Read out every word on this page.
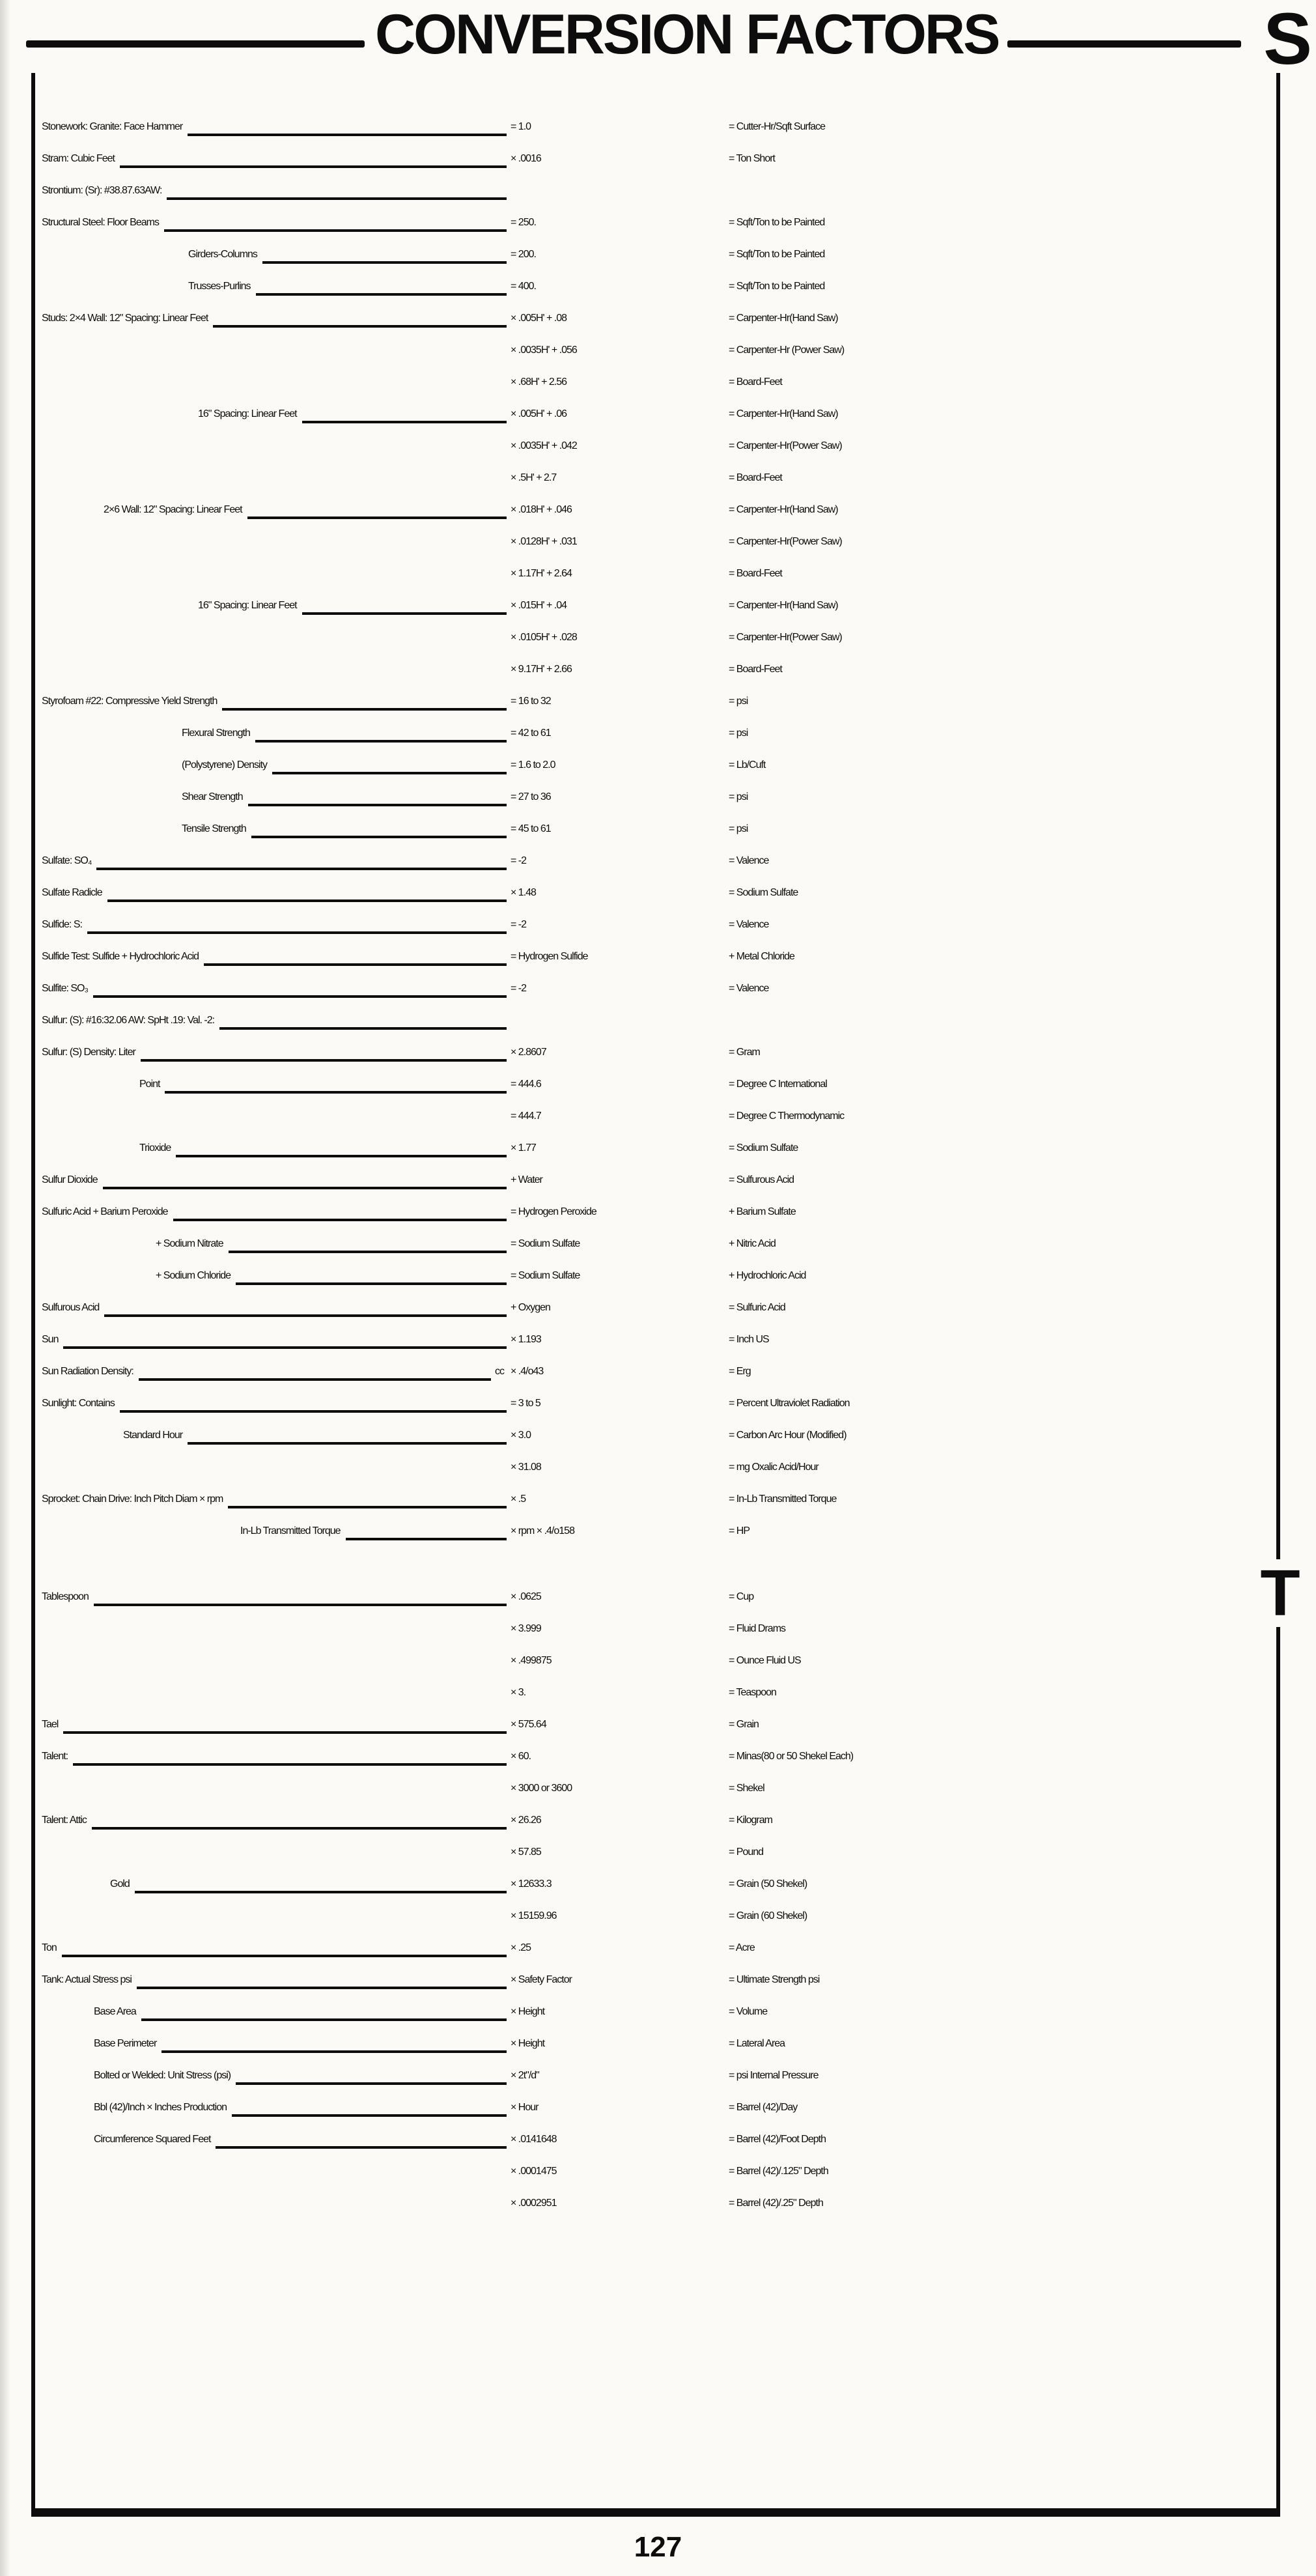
CONVERSION FACTORS	S
Stonework: Granite: Face Hammer	= 1.0	= Cutter-Hr/Sqft Surface
Stram: Cubic Feet	× .0016	= Ton Short
Strontium: (Sr): #38.87.63AW:
Structural Steel: Floor Beams	= 250.	= Sqft/Ton to be Painted
Girders-Columns	= 200.	= Sqft/Ton to be Painted
Trusses-Purlins	= 400.	= Sqft/Ton to be Painted
Studs: 2×4 Wall: 12" Spacing: Linear Feet	× .005H' + .08	= Carpenter-Hr(Hand Saw)
× .0035H' + .056	= Carpenter-Hr (Power Saw)
× .68H' + 2.56	= Board-Feet
16" Spacing: Linear Feet	× .005H' + .06	= Carpenter-Hr(Hand Saw)
× .0035H' + .042	= Carpenter-Hr(Power Saw)
× .5H' + 2.7	= Board-Feet
2×6 Wall: 12" Spacing: Linear Feet	× .018H' + .046	= Carpenter-Hr(Hand Saw)
× .0128H' + .031	= Carpenter-Hr(Power Saw)
× 1.17H' + 2.64	= Board-Feet
16" Spacing: Linear Feet	× .015H' + .04	= Carpenter-Hr(Hand Saw)
× .0105H' + .028	= Carpenter-Hr(Power Saw)
× 9.17H' + 2.66	= Board-Feet
Styrofoam #22: Compressive Yield Strength	= 16 to 32	= psi
Flexural Strength	= 42 to 61	= psi
(Polystyrene) Density	= 1.6 to 2.0	= Lb/Cuft
Shear Strength	= 27 to 36	= psi
Tensile Strength	= 45 to 61	= psi
Sulfate: SO₄	= -2	= Valence
Sulfate Radicle	× 1.48	= Sodium Sulfate
Sulfide: S:	= -2	= Valence
Sulfide Test: Sulfide + Hydrochloric Acid	= Hydrogen Sulfide	+ Metal Chloride
Sulfite: SO₃	= -2	= Valence
Sulfur: (S): #16:32.06 AW: SpHt .19: Val. -2:
Sulfur: (S) Density: Liter	× 2.8607	= Gram
Point	= 444.6	= Degree C International
= 444.7	= Degree C Thermodynamic
Trioxide	× 1.77	= Sodium Sulfate
Sulfur Dioxide	+ Water	= Sulfurous Acid
Sulfuric Acid + Barium Peroxide	= Hydrogen Peroxide	+ Barium Sulfate
+ Sodium Nitrate	= Sodium Sulfate	+ Nitric Acid
+ Sodium Chloride	= Sodium Sulfate	+ Hydrochloric Acid
Sulfurous Acid	+ Oxygen	= Sulfuric Acid
Sun	× 1.193	= Inch US
Sun Radiation Density:	cc × .4/o43	= Erg
Sunlight: Contains	= 3 to 5	= Percent Ultraviolet Radiation
Standard Hour	× 3.0	= Carbon Arc Hour (Modified)
× 31.08	= mg Oxalic Acid/Hour
Sprocket: Chain Drive: Inch Pitch Diam × rpm	× .5	= In-Lb Transmitted Torque
In-Lb Transmitted Torque	× rpm × .4/o158	= HP
Tablespoon	× .0625	= Cup
× 3.999	= Fluid Drams
× .499875	= Ounce Fluid US
× 3.	= Teaspoon
Tael	× 575.64	= Grain
Talent:	× 60.	= Minas(80 or 50 Shekel Each)
× 3000 or 3600	= Shekel
Talent: Attic	× 26.26	= Kilogram
× 57.85	= Pound
Gold	× 12633.3	= Grain (50 Shekel)
× 15159.96	= Grain (60 Shekel)
Ton	× .25	= Acre
Tank: Actual Stress psi	× Safety Factor	= Ultimate Strength psi
Base Area	× Height	= Volume
Base Perimeter	× Height	= Lateral Area
Bolted or Welded: Unit Stress (psi)	× 2t"/d"	= psi Internal Pressure
Bbl (42)/Inch × Inches Production	× Hour	= Barrel (42)/Day
Circumference Squared Feet	× .0141648	= Barrel (42)/Foot Depth
× .0001475	= Barrel (42)/.125" Depth
× .0002951	= Barrel (42)/.25" Depth
T
127
